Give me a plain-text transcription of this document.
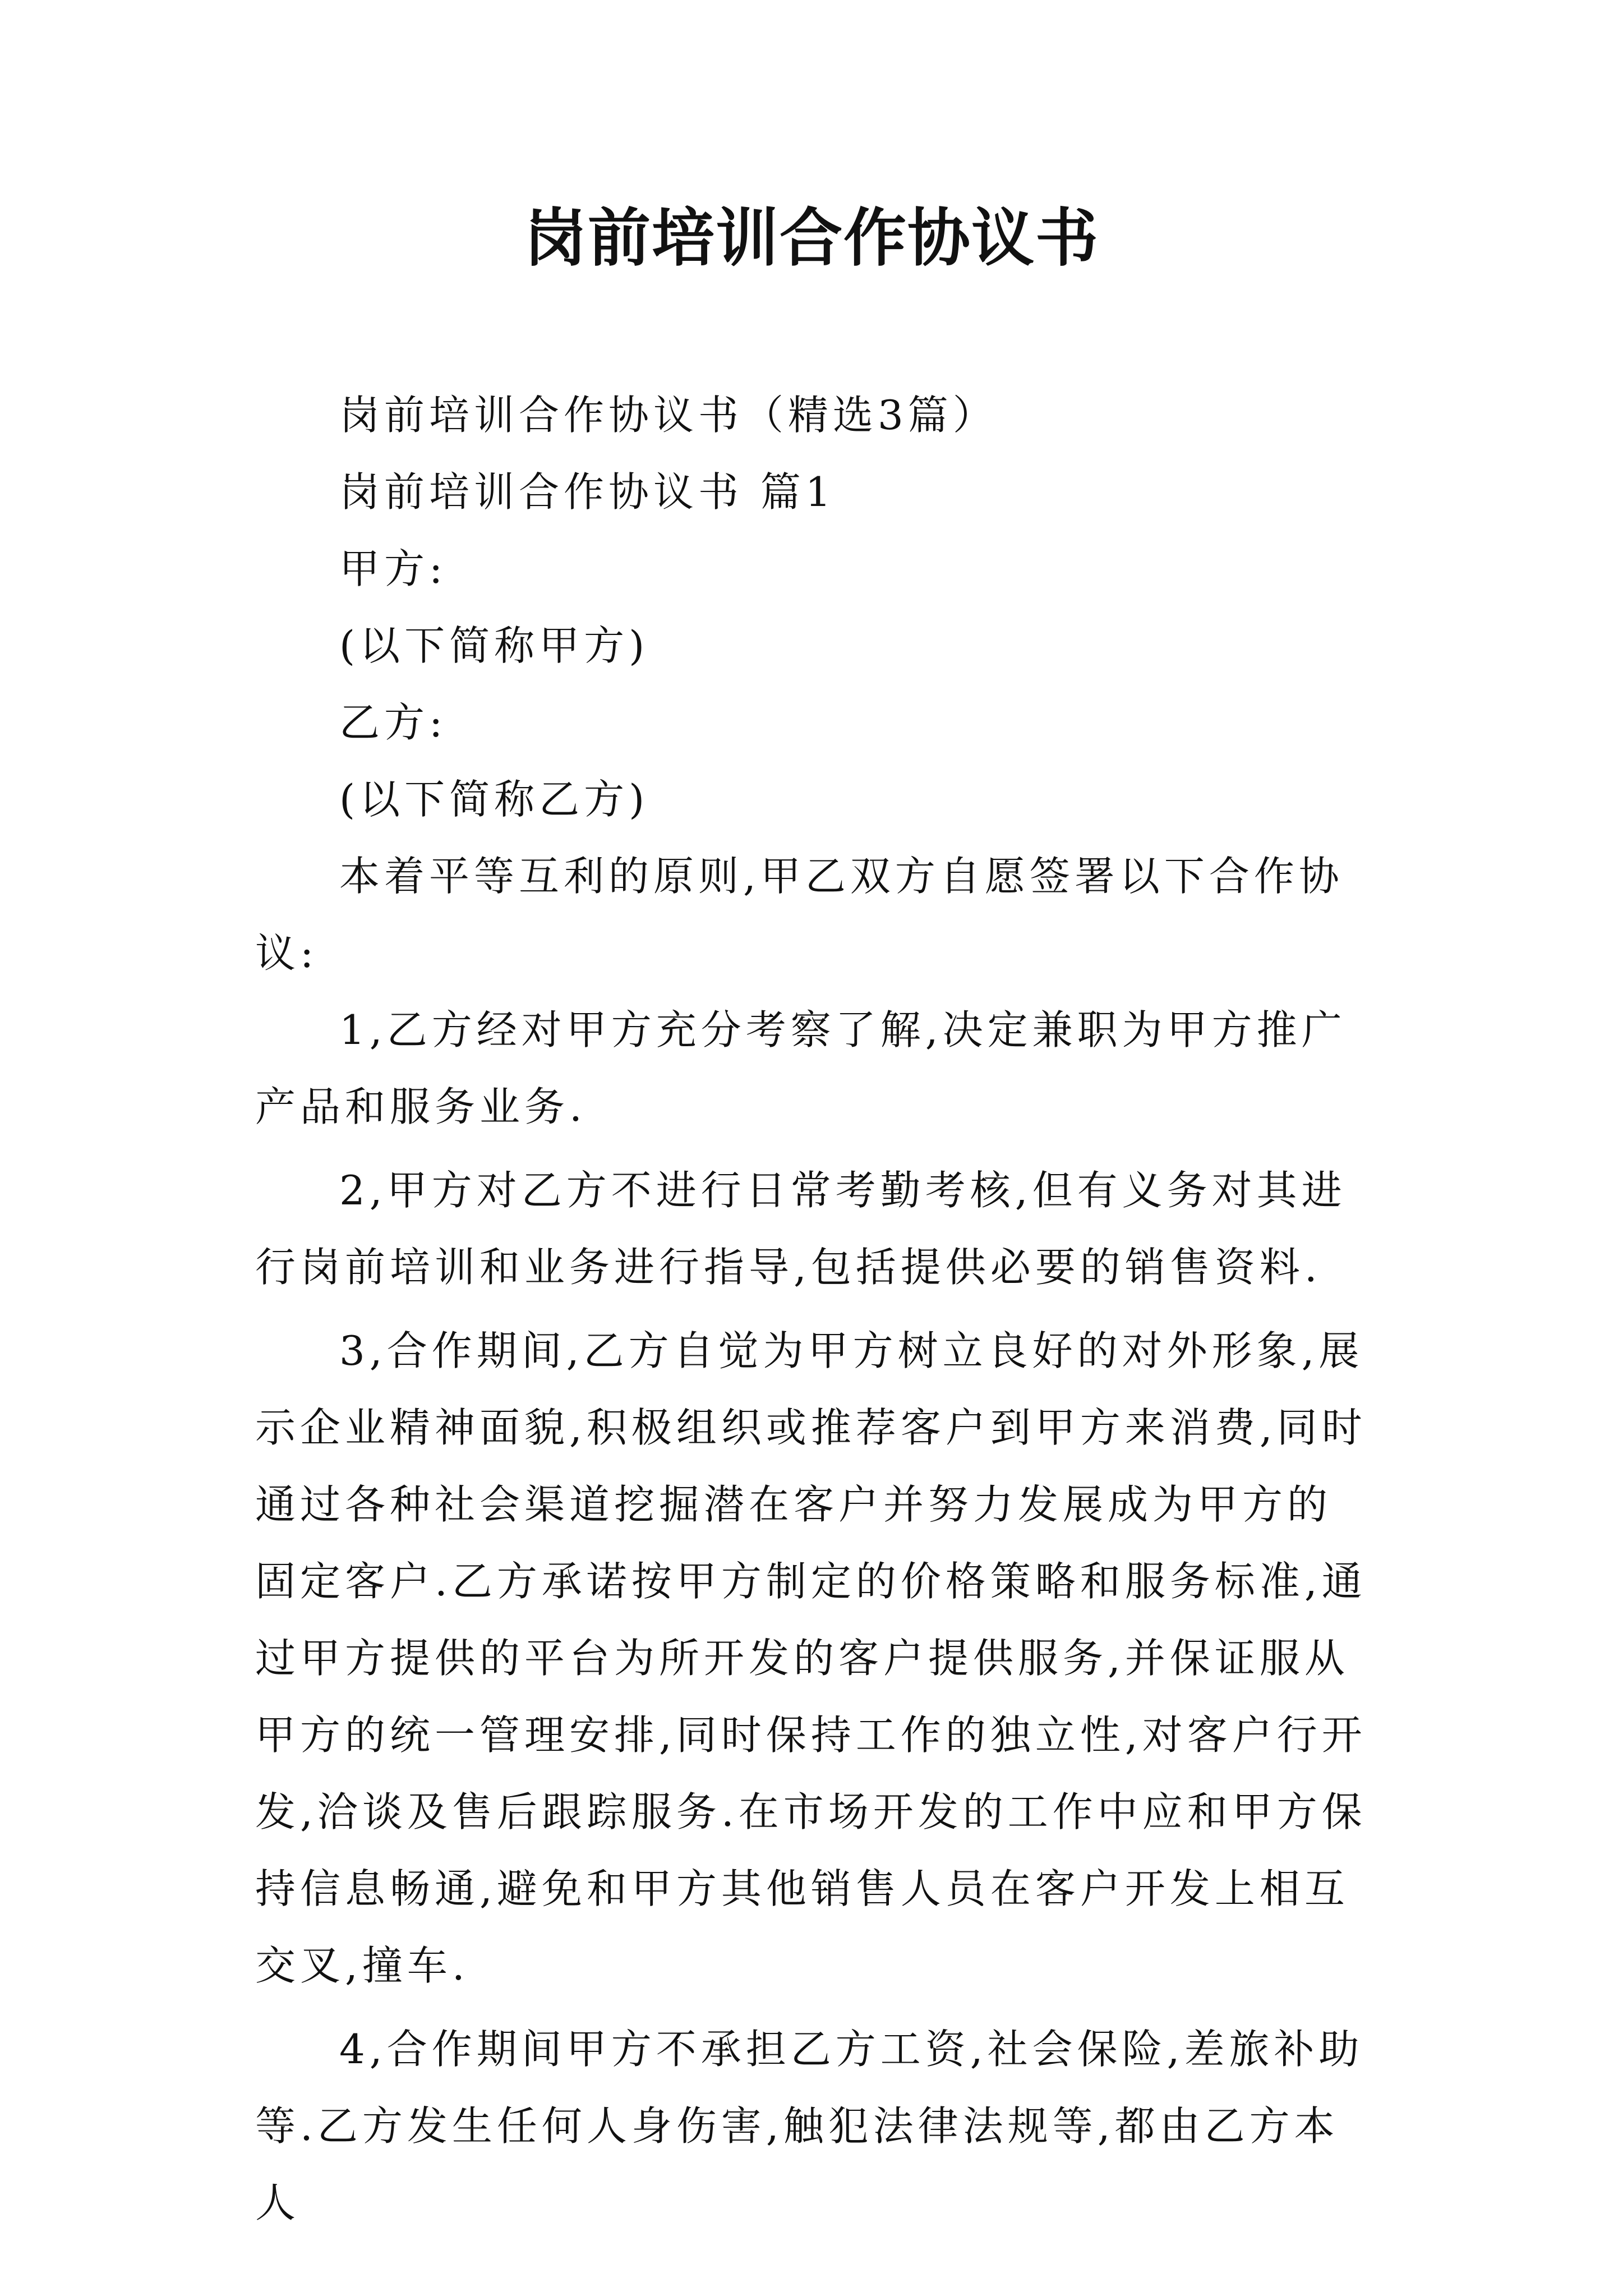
岗前培训合作协议书

岗前培训合作协议书（精选3篇）

岗前培训合作协议书 篇1

甲方:

(以下简称甲方)

乙方:

(以下简称乙方)

本着平等互利的原则,甲乙双方自愿签署以下合作协议:

1,乙方经对甲方充分考察了解,决定兼职为甲方推广产品和服务业务.

2,甲方对乙方不进行日常考勤考核,但有义务对其进行岗前培训和业务进行指导,包括提供必要的销售资料.

3,合作期间,乙方自觉为甲方树立良好的对外形象,展示企业精神面貌,积极组织或推荐客户到甲方来消费,同时通过各种社会渠道挖掘潜在客户并努力发展成为甲方的固定客户.乙方承诺按甲方制定的价格策略和服务标准,通过甲方提供的平台为所开发的客户提供服务,并保证服从甲方的统一管理安排,同时保持工作的独立性,对客户行开发,洽谈及售后跟踪服务.在市场开发的工作中应和甲方保持信息畅通,避免和甲方其他销售人员在客户开发上相互交叉,撞车.

4,合作期间甲方不承担乙方工资,社会保险,差旅补助等.乙方发生任何人身伤害,触犯法律法规等,都由乙方本人
